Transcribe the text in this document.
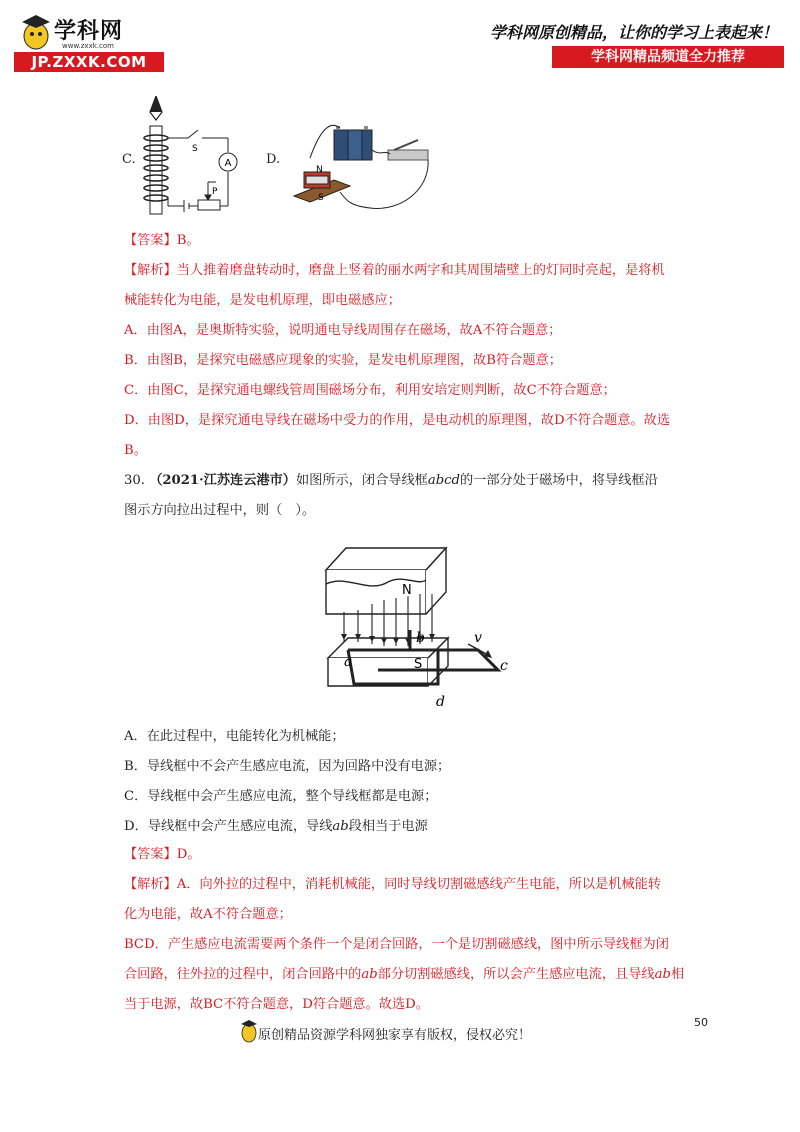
学科网
www.zxxk.com
JP.ZXXK.COM
学科网原创精品，让你的学习上表起来！
学科网精品频道全力推荐
C.	A
S
P
D.
N
S
【答案】B。
【解析】当人推着磨盘转动时，磨盘上竖着的丽水两字和其周围墙壁上的灯同时亮起，是将机
械能转化为电能，是发电机原理，即电磁感应；
A．由图A，是奥斯特实验，说明通电导线周围存在磁场，故A不符合题意；
B．由图B，是探究电磁感应现象的实验，是发电机原理图，故B符合题意；
C．由图C，是探究通电螺线管周围磁场分布，利用安培定则判断，故C不符合题意；
D．由图D，是探究通电导线在磁场中受力的作用，是电动机的原理图，故D不符合题意。故选
B。
30. （2021·江苏连云港市）如图所示，闭合导线框abcd的一部分处于磁场中，将导线框沿
图示方向拉出过程中，则（　）。
N
S
a
b
c
d
v
A．在此过程中，电能转化为机械能；
B．导线框中不会产生感应电流，因为回路中没有电源；
C．导线框中会产生感应电流，整个导线框都是电源；
D．导线框中会产生感应电流，导线ab段相当于电源
【答案】D。
【解析】A．向外拉的过程中，消耗机械能，同时导线切割磁感线产生电能，所以是机械能转
化为电能，故A不符合题意；
BCD．产生感应电流需要两个条件一个是闭合回路，一个是切割磁感线，图中所示导线框为闭
合回路，往外拉的过程中，闭合回路中的ab部分切割磁感线，所以会产生感应电流，且导线ab相
当于电源，故BC不符合题意，D符合题意。故选D。
50
原创精品资源学科网独家享有版权，侵权必究！
